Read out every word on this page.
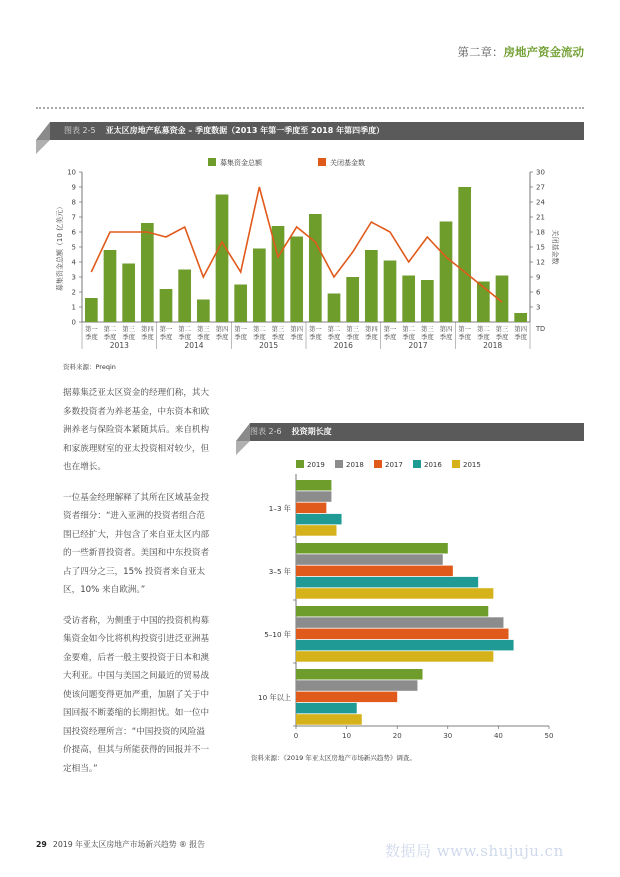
第二章：房地产资金流动
图表 2-5 亚太区房地产私募资金 – 季度数据（2013 年第一季度至 2018 年第四季度）
0
1
2
3
4
5
6
7
8
9
10
3
6
9
12
15
18
21
24
27
30
募集资金总额（10 亿美元）	关闭基金数
募集资金总额	关闭基金数
第一
季度
第二
季度
第三
季度
第四
季度
第一
季度
第二
季度
第三
季度
第四
季度
第一
季度
第二
季度
第三
季度
第四
季度
第一
季度
第二
季度
第三
季度
第四
季度
第一
季度
第二
季度
第三
季度
第四
季度
第一
季度
第二
季度
第三
季度
第四
季度
2013	2014	2015	2016	2017	2018
TD
资料来源：Preqin

据募集泛亚太区资金的经理们称，其大多数投资者为养老基金，中东资本和欧洲养老与保险资本紧随其后。来自机构和家族理财室的亚太投资相对较少，但也在增长。

一位基金经理解释了其所在区域基金投资者细分：“进入亚洲的投资者组合范围已经扩大，并包含了来自亚太区内部的一些新晋投资者。美国和中东投资者占了四分之三，15% 投资者来自亚太区，10% 来自欧洲。”

受访者称，为侧重于中国的投资机构募集资金如今比将机构投资引进泛亚洲基金要难，后者一般主要投资于日本和澳大利亚。中国与美国之间最近的贸易战使该问题变得更加严重，加剧了关于中国回报不断萎缩的长期担忧。如一位中国投资经理所言：“中国投资的风险溢价提高，但其与所能获得的回报并不一定相当。”

图表 2-6 投资期长度
2019	2018	2017	2016	2015
0	10	20	30	40	50
1–3 年
3–5 年
5–10 年
10 年以上
资料来源：《2019 年亚太区房地产市场新兴趋势》调查。
29 2019 年亚太区房地产市场新兴趋势 ® 报告	数据局 www.shujuju.cn
